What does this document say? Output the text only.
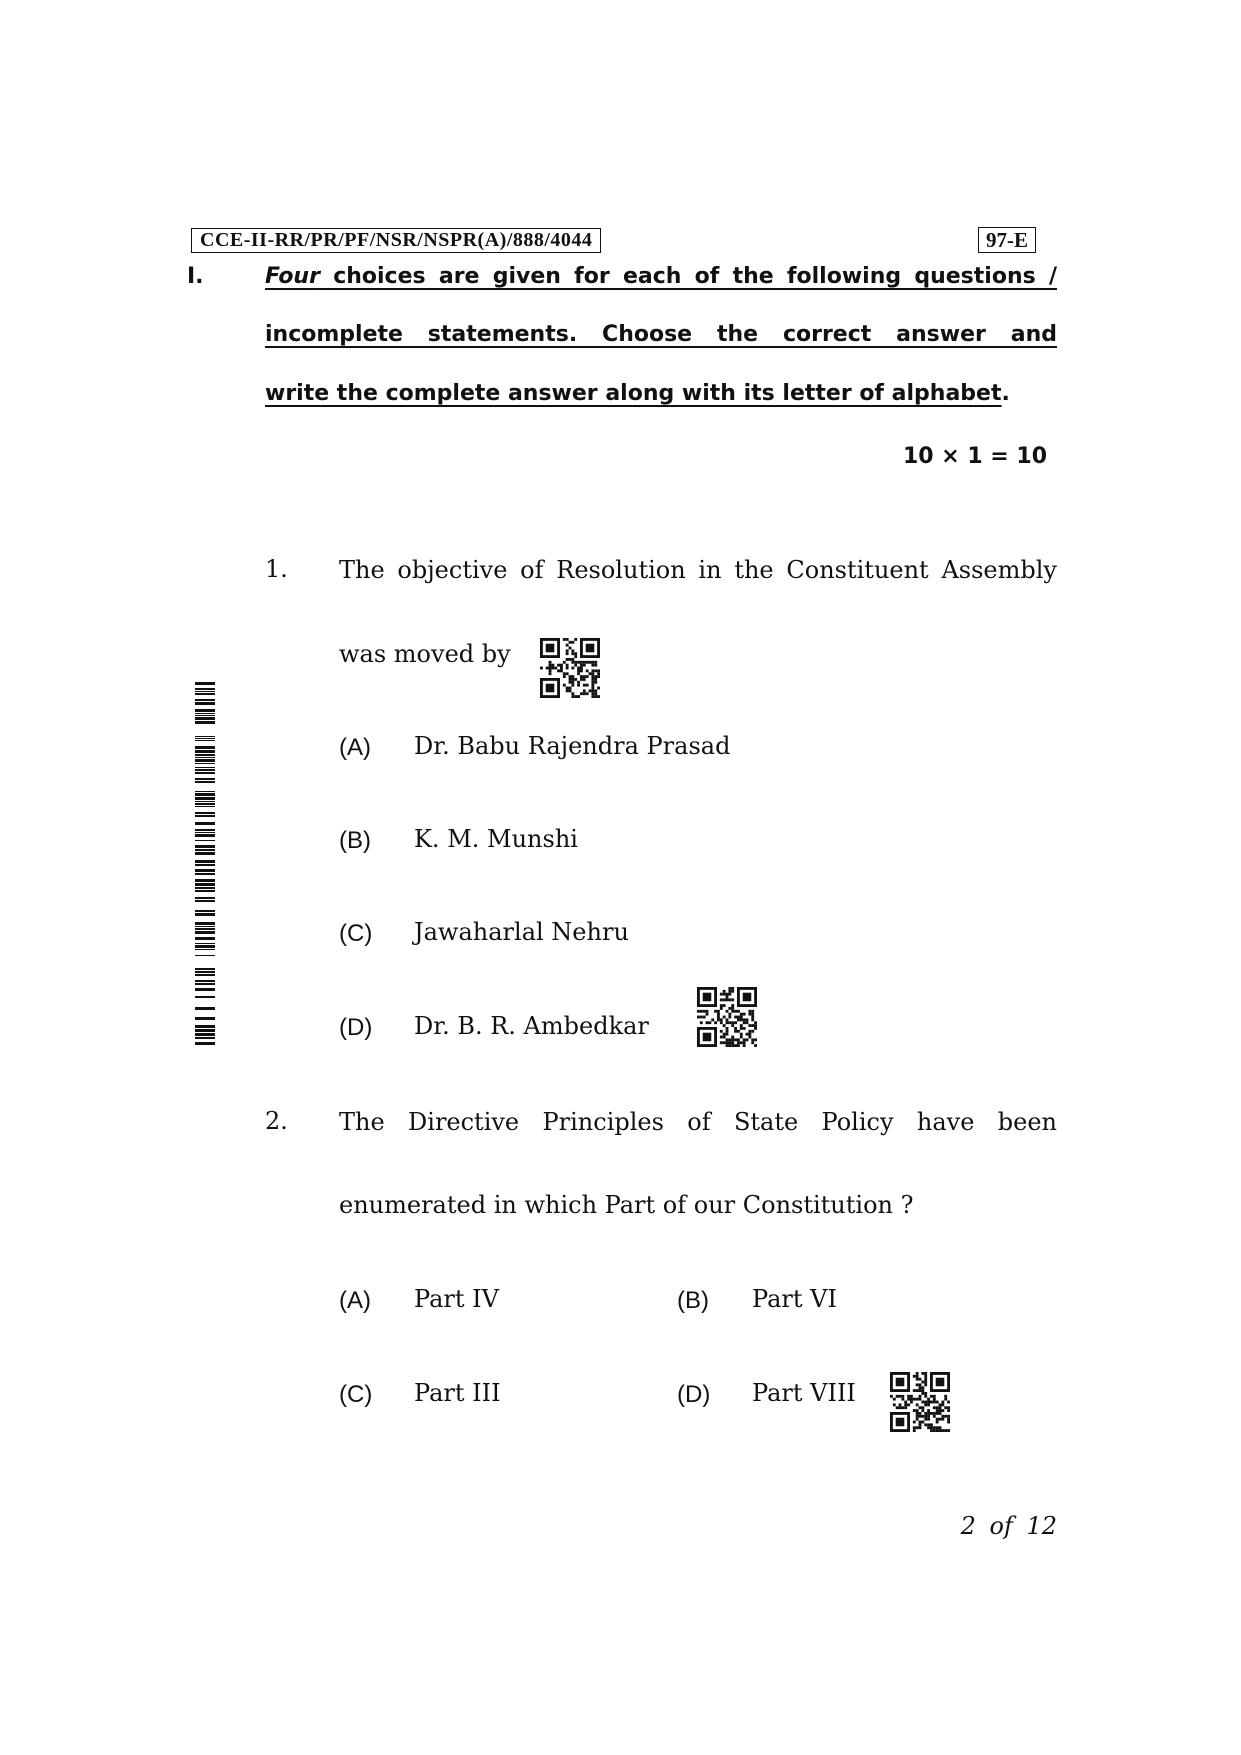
CCE-II-RR/PR/PF/NSR/NSPR(A)/888/4044	97-E
I.	Four choices are given for each of the following questions /
incomplete statements. Choose the correct answer and
write the complete answer along with its letter of alphabet.
10 × 1 = 10
1. The objective of Resolution in the Constituent Assembly
was moved by
(A) Dr. Babu Rajendra Prasad
(B) K. M. Munshi
(C) Jawaharlal Nehru
(D) Dr. B. R. Ambedkar
2. The Directive Principles of State Policy have been
enumerated in which Part of our Constitution ?
(A) Part IV	(B) Part VI
(C) Part III	(D) Part VIII
2 of 12
